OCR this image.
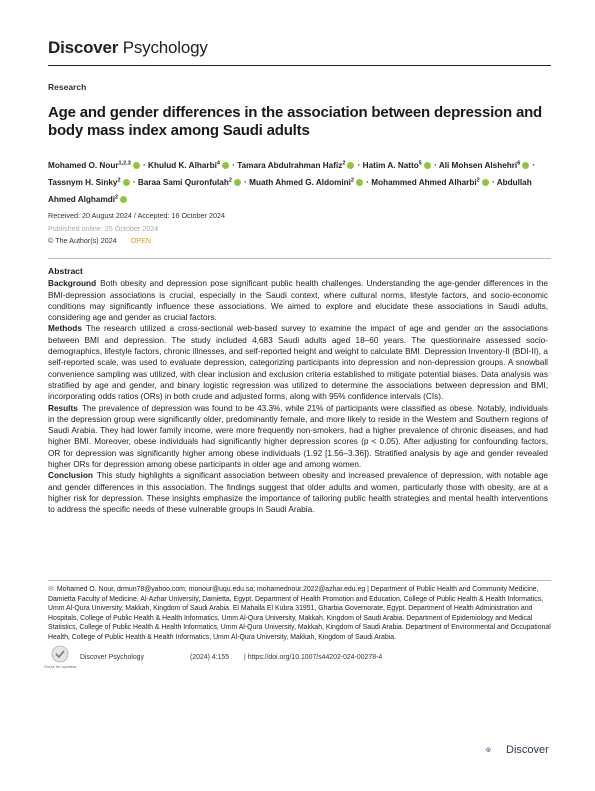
Discover Psychology
Research
Age and gender differences in the association between depression and body mass index among Saudi adults
Mohamed O. Nour$^{1,2,3}$ · Khulud K. Alharbi$^4$ · Tamara Abdulrahman Hafiz$^2$ · Hatim A. Natto$^5$ · Ali Mohsen Alshehri$^6$ · Tassnym H. Sinky$^2$ · Baraa Sami Quronfulah$^2$ · Muath Ahmed G. Aldomini$^2$ · Mohammed Ahmed Alharbi$^2$ · Abdullah Ahmed Alghamdi$^2$
Received: 20 August 2024 / Accepted: 16 October 2024
Published online: 25 October 2024
© The Author(s) 2024 OPEN
Abstract

Background Both obesity and depression pose significant public health challenges. Understanding the age-gender differences in the BMI-depression associations is crucial, especially in the Saudi context, where cultural norms, lifestyle factors, and socio-economic conditions may significantly influence these associations. We aimed to explore and elucidate these associations in Saudi adults, considering age and gender as crucial factors.

Methods The research utilized a cross-sectional web-based survey to examine the impact of age and gender on the associations between BMI and depression. The study included 4,683 Saudi adults aged 18–60 years. The questionnaire assessed socio-demographics, lifestyle factors, chronic illnesses, and self-reported height and weight to calculate BMI. Depression Inventory-II (BDI-II), a self-reported scale, was used to evaluate depression, categorizing participants into depression and non-depression groups. A snowball convenience sampling was utilized, with clear inclusion and exclusion criteria established to mitigate potential biases. Data analysis was stratified by age and gender, and binary logistic regression was utilized to determine the associations between depression and BMI, incorporating odds ratios (ORs) in both crude and adjusted forms, along with 95% confidence intervals (CIs).

Results The prevalence of depression was found to be 43.3%, while 21% of participants were classified as obese. Notably, individuals in the depression group were significantly older, predominantly female, and more likely to reside in the Western and Southern regions of Saudi Arabia. They had lower family income, were more frequently non-smokers, had a higher prevalence of chronic diseases, and had higher BMI. Moreover, obese individuals had significantly higher depression scores (p < 0.05). After adjusting for confounding factors, OR for depression was significantly higher among obese individuals (1.92 [1.56–3.36]). Stratified analysis by age and gender revealed higher ORs for depression among obese participants in older age and among women.

Conclusion This study highlights a significant association between obesity and increased prevalence of depression, with notable age and gender differences in this association. The findings suggest that older adults and women, particularly those with obesity, are at a higher risk for depression. These insights emphasize the importance of tailoring public health strategies and mental health interventions to address the specific needs of these vulnerable groups in Saudi Arabia.

✉ Mohamed O. Nour, drmun78@yahoo.com; monour@uqu.edu.sa; mohamednour.2022@azhar.edu.eg | Department of Public Health and Community Medicine, Damietta Faculty of Medicine, Al-Azhar University, Damietta, Egypt. Department of Health Promotion and Education, College of Public Health & Health Informatics, Umm Al-Qura University, Makkah, Kingdom of Saudi Arabia. El Mahalla El Kubra 31951, Gharbia Governorate, Egypt. Department of Health Administration and Hospitals, College of Public Health & Health Informatics, Umm Al-Qura University, Makkah, Kingdom of Saudi Arabia. Department of Epidemiology and Medical Statistics, College of Public Health & Health Informatics, Umm Al-Qura University, Makkah, Kingdom of Saudi Arabia. Department of Environmental and Occupational Health, College of Public Health & Health Informatics, Umm Al-Qura University, Makkah, Kingdom of Saudi Arabia.
Check for updates
Discover Psychology	(2024) 4:155 | https://doi.org/10.1007/s44202-024-00278-4
Discover
